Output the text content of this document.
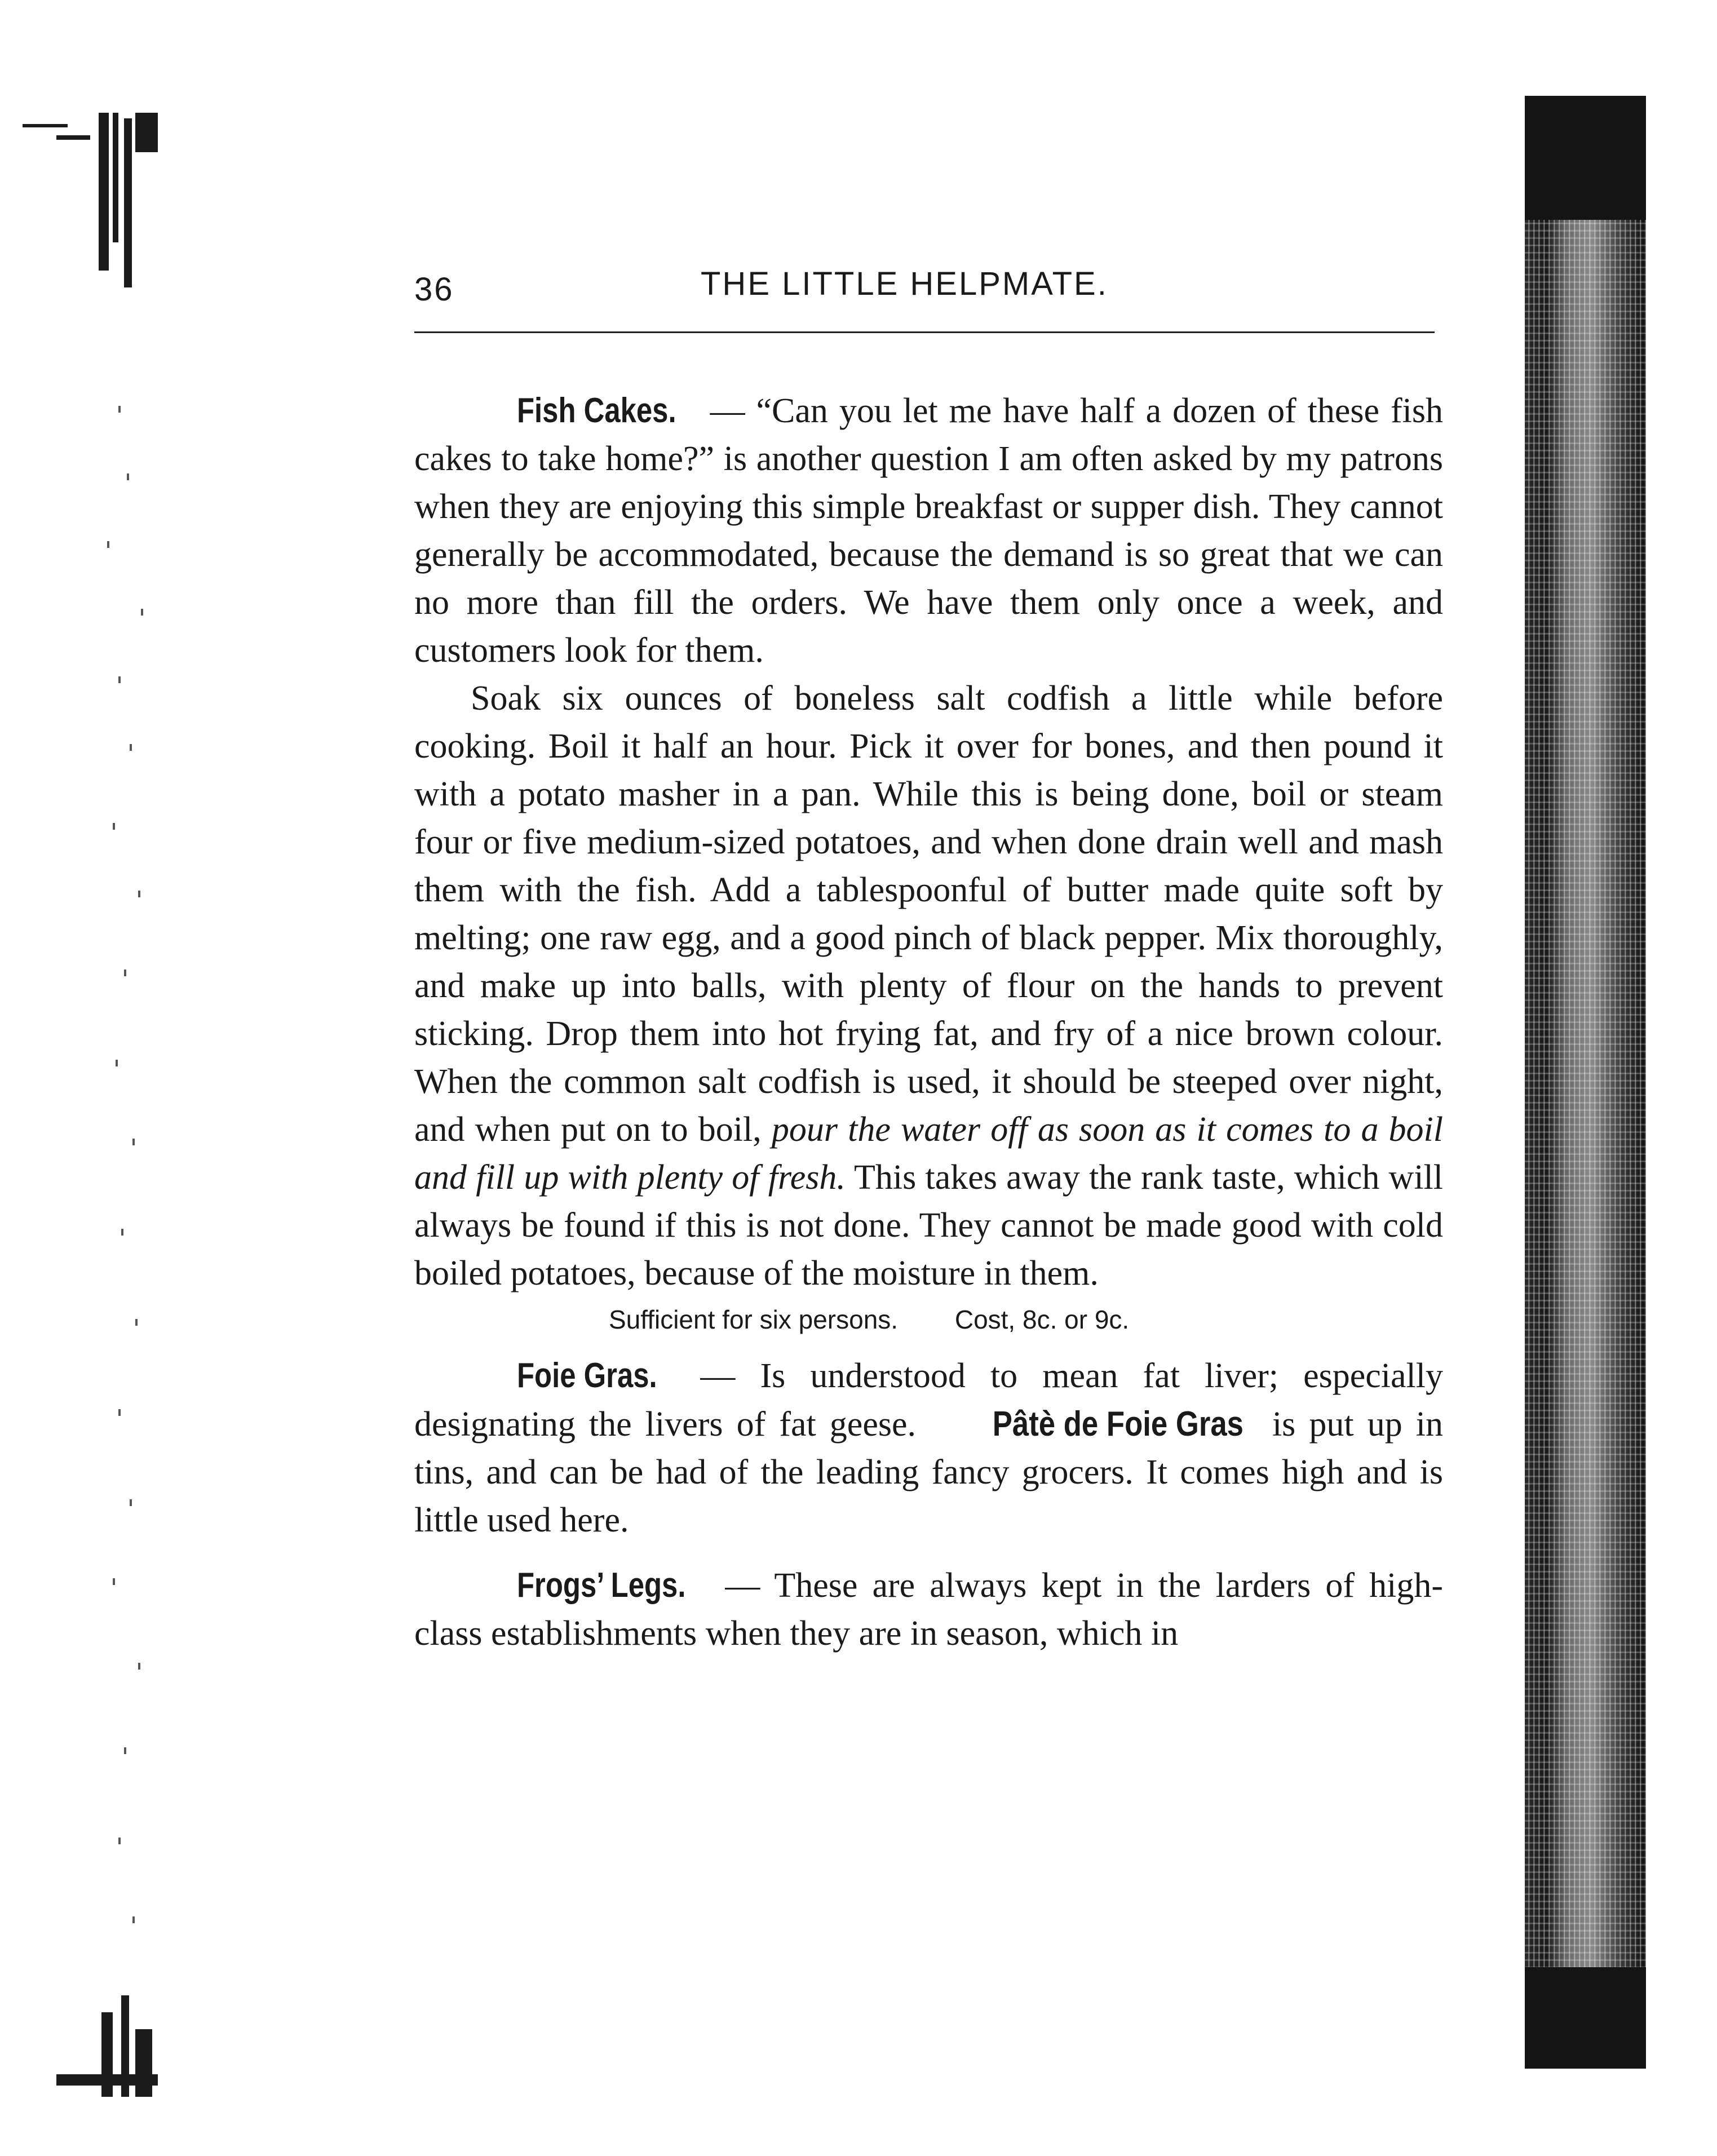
36	THE LITTLE HELPMATE.

Fish Cakes. — “Can you let me have half a dozen of these fish cakes to take home?” is another question I am often asked by my patrons when they are enjoying this simple breakfast or supper dish. They cannot generally be accommodated, because the demand is so great that we can no more than fill the orders. We have them only once a week, and customers look for them.

Soak six ounces of boneless salt codfish a little while before cooking. Boil it half an hour. Pick it over for bones, and then pound it with a potato masher in a pan. While this is being done, boil or steam four or five medium-sized potatoes, and when done drain well and mash them with the fish. Add a tablespoonful of butter made quite soft by melting; one raw egg, and a good pinch of black pepper. Mix thoroughly, and make up into balls, with plenty of flour on the hands to prevent sticking. Drop them into hot frying fat, and fry of a nice brown colour. When the common salt codfish is used, it should be steeped over night, and when put on to boil, pour the water off as soon as it comes to a boil and fill up with plenty of fresh. This takes away the rank taste, which will always be found if this is not done. They cannot be made good with cold boiled potatoes, because of the moisture in them.

Sufficient for six persons. Cost, 8c. or 9c.

Foie Gras. — Is understood to mean fat liver; especially designating the livers of fat geese. Pâtè de Foie Gras is put up in tins, and can be had of the leading fancy grocers. It comes high and is little used here.

Frogs’ Legs. — These are always kept in the larders of high-class establishments when they are in season, which in
